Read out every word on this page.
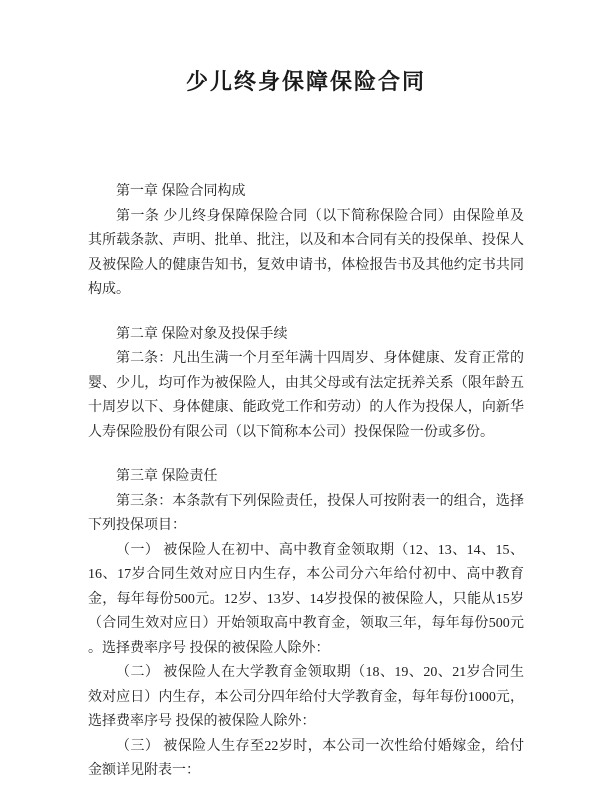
少儿终身保障保险合同

第一章 保险合同构成

第一条 少儿终身保障保险合同（以下简称保险合同）由保险单及其所载条款、声明、批单、批注，以及和本合同有关的投保单、投保人及被保险人的健康告知书，复效申请书，体检报告书及其他约定书共同构成。

第二章 保险对象及投保手续

第二条：凡出生满一个月至年满十四周岁、身体健康、发育正常的婴、少儿，均可作为被保险人，由其父母或有法定抚养关系（限年龄五十周岁以下、身体健康、能政党工作和劳动）的人作为投保人，向新华人寿保险股份有限公司（以下简称本公司）投保保险一份或多份。

第三章 保险责任

第三条：本条款有下列保险责任，投保人可按附表一的组合，选择下列投保项目：

（一） 被保险人在初中、高中教育金领取期（12、13、14、15、16、17岁合同生效对应日内生存，本公司分六年给付初中、高中教育金，每年每份500元。12岁、13岁、14岁投保的被保险人，只能从15岁（合同生效对应日）开始领取高中教育金，领取三年，每年每份500元 。选择费率序号 投保的被保险人除外：

（二） 被保险人在大学教育金领取期（18、19、20、21岁合同生效对应日）内生存，本公司分四年给付大学教育金，每年每份1000元，选择费率序号 投保的被保险人除外：

（三） 被保险人生存至22岁时，本公司一次性给付婚嫁金，给付金额详见附表一：
